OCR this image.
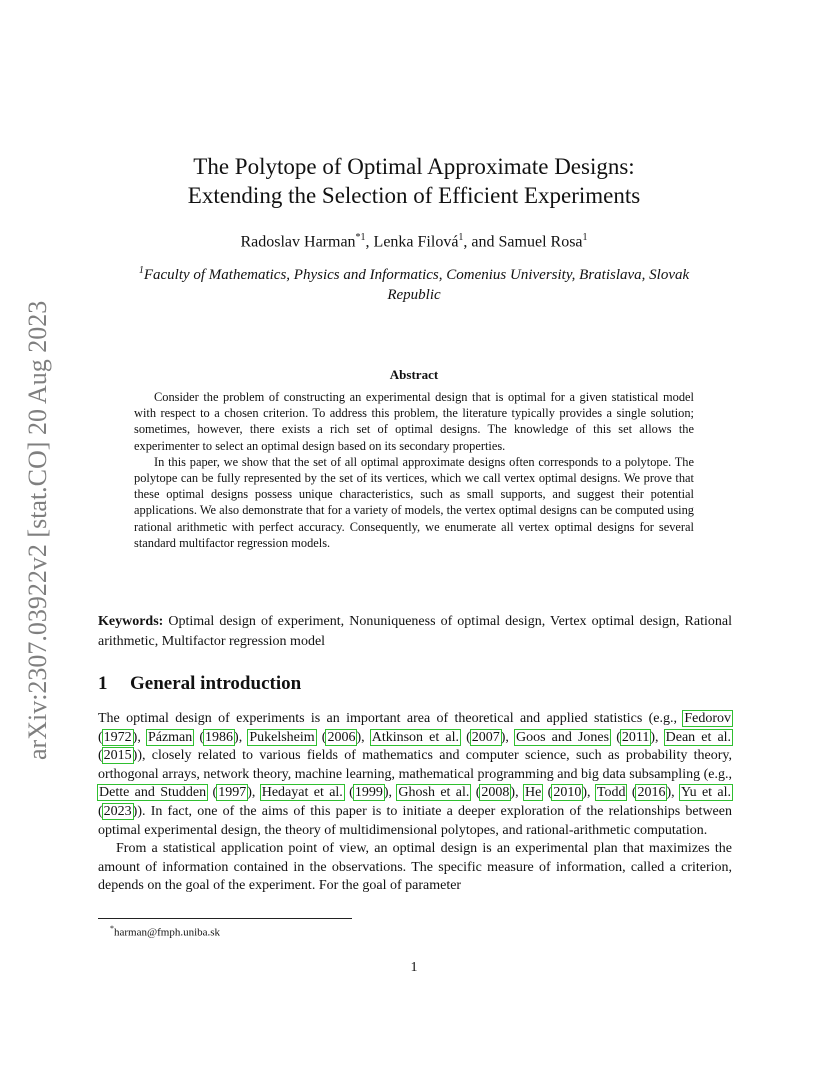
arXiv:2307.03922v2 [stat.CO] 20 Aug 2023
The Polytope of Optimal Approximate Designs:
Extending the Selection of Efficient Experiments
Radoslav Harman$^{*1}$, Lenka Filová$^1$, and Samuel Rosa$^1$
$^1$Faculty of Mathematics, Physics and Informatics, Comenius University, Bratislava, Slovak Republic
Abstract

Consider the problem of constructing an experimental design that is optimal for a given statistical model with respect to a chosen criterion. To address this problem, the literature typically provides a single solution; sometimes, however, there exists a rich set of optimal designs. The knowledge of this set allows the experimenter to select an optimal design based on its secondary properties.

In this paper, we show that the set of all optimal approximate designs often corresponds to a polytope. The polytope can be fully represented by the set of its vertices, which we call vertex optimal designs. We prove that these optimal designs possess unique characteristics, such as small supports, and suggest their potential applications. We also demonstrate that for a variety of models, the vertex optimal designs can be computed using rational arithmetic with perfect accuracy. Consequently, we enumerate all vertex optimal designs for several standard multifactor regression models.

Keywords: Optimal design of experiment, Nonuniqueness of optimal design, Vertex optimal design, Rational arithmetic, Multifactor regression model
1 General introduction

The optimal design of experiments is an important area of theoretical and applied statistics (e.g., Fedorov (1972), Pázman (1986), Pukelsheim (2006), Atkinson et al. (2007), Goos and Jones (2011), Dean et al. (2015)), closely related to various fields of mathematics and computer science, such as probability theory, orthogonal arrays, network theory, machine learning, mathematical programming and big data subsampling (e.g., Dette and Studden (1997), Hedayat et al. (1999), Ghosh et al. (2008), He (2010), Todd (2016), Yu et al. (2023)). In fact, one of the aims of this paper is to initiate a deeper exploration of the relationships between optimal experimental design, the theory of multidimensional polytopes, and rational-arithmetic computation.

From a statistical application point of view, an optimal design is an experimental plan that maximizes the amount of information contained in the observations. The specific measure of information, called a criterion, depends on the goal of the experiment. For the goal of parameter

*harman@fmph.uniba.sk
1
